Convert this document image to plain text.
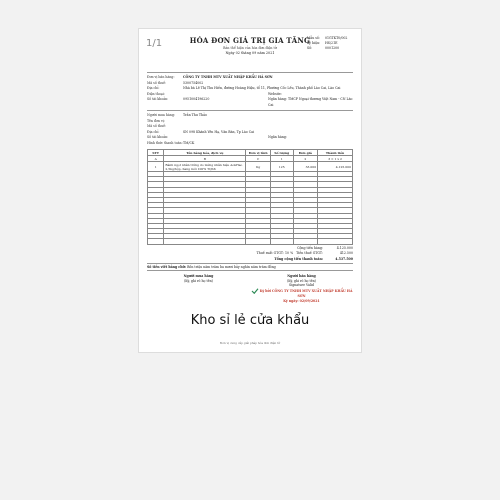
HÓA ĐƠN GIÁ TRỊ GIA TĂNG
Bản thể hiện của hóa đơn điện tử
Ngày 02 tháng 09 năm 2021
Mẫu số:	01GTKT0/002
Ký hiệu:	HS/21E
Số:	0001200
Đơn vị bán hàng:	CÔNG TY TNHH MTV XUẤT NHẬP KHẨU HÀ SƠN
Mã số thuế:	5300754002
Địa chỉ:	Nhà bà Lê Thị Thu Hiền, đường Hoàng Hiệu, tổ 11, Phường Cốc Lếu, Thành phố Lào Cai, Lào Cai
Điện thoại:	Website:
Số tài khoản:	0951004196220	Ngân hàng: TMCP Ngoại thương Việt Nam - CN Lào Cai
Người mua hàng:	Trần Thu Thảo
Tên đơn vị:
Mã số thuế:
Địa chỉ:	SN 098 Khánh Yên Hạ, Văn Bàn, Tp Lào Cai
Số tài khoản:	Ngân hàng:
Hình thức thanh toán: TM/CK
STT	Tên hàng hóa, dịch vụ	Đơn vị tính	Số lượng	Đơn giá	Thành tiền
A	B	C	1	2	3 = 1 x 2
1	Bánh ngọt nhân trứng do mứng nhãn hiệu AokHao 2,5kg/hộp, hàng mới 100% TQSX	Kg	125	33.000	4.125.000

Cộng tiền hàng:	4.125.000
Thuế suất GTGT: 10 % Tiền thuế GTGT:	412.500
Tổng cộng tiền thanh toán:	4.537.500
Số tiền viết bằng chữ: Bốn triệu năm trăm ba mươi bảy nghìn năm trăm đồng
Người mua hàng
(Ký, ghi rõ họ tên)
Người bán hàng
(Ký, ghi rõ họ tên)
Signature Valid
Ký bởi CÔNG TY TNHH MTV XUẤT NHẬP KHẨU HÀ SƠN
Ký ngày: 02/09/2021
Kho sỉ lẻ cửa khẩu
Đơn vị cung cấp giải pháp hóa đơn điện tử
1/1
